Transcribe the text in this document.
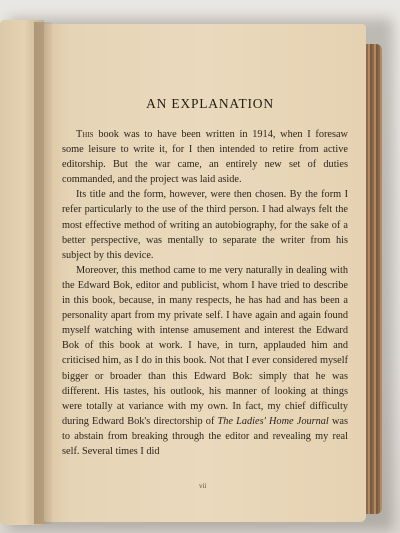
AN EXPLANATION

This book was to have been written in 1914, when I foresaw some leisure to write it, for I then intended to retire from active editorship. But the war came, an entirely new set of duties commanded, and the project was laid aside.

Its title and the form, however, were then chosen. By the form I refer particularly to the use of the third person. I had always felt the most effective method of writing an autobiography, for the sake of a better perspective, was mentally to separate the writer from his subject by this device.

Moreover, this method came to me very naturally in dealing with the Edward Bok, editor and publicist, whom I have tried to describe in this book, because, in many respects, he has had and has been a personality apart from my private self. I have again and again found myself watching with intense amusement and interest the Edward Bok of this book at work. I have, in turn, applauded him and criticised him, as I do in this book. Not that I ever considered myself bigger or broader than this Edward Bok: simply that he was different. His tastes, his outlook, his manner of looking at things were totally at variance with my own. In fact, my chief difficulty during Edward Bok's directorship of The Ladies' Home Journal was to abstain from breaking through the editor and revealing my real self. Several times I did

vii
